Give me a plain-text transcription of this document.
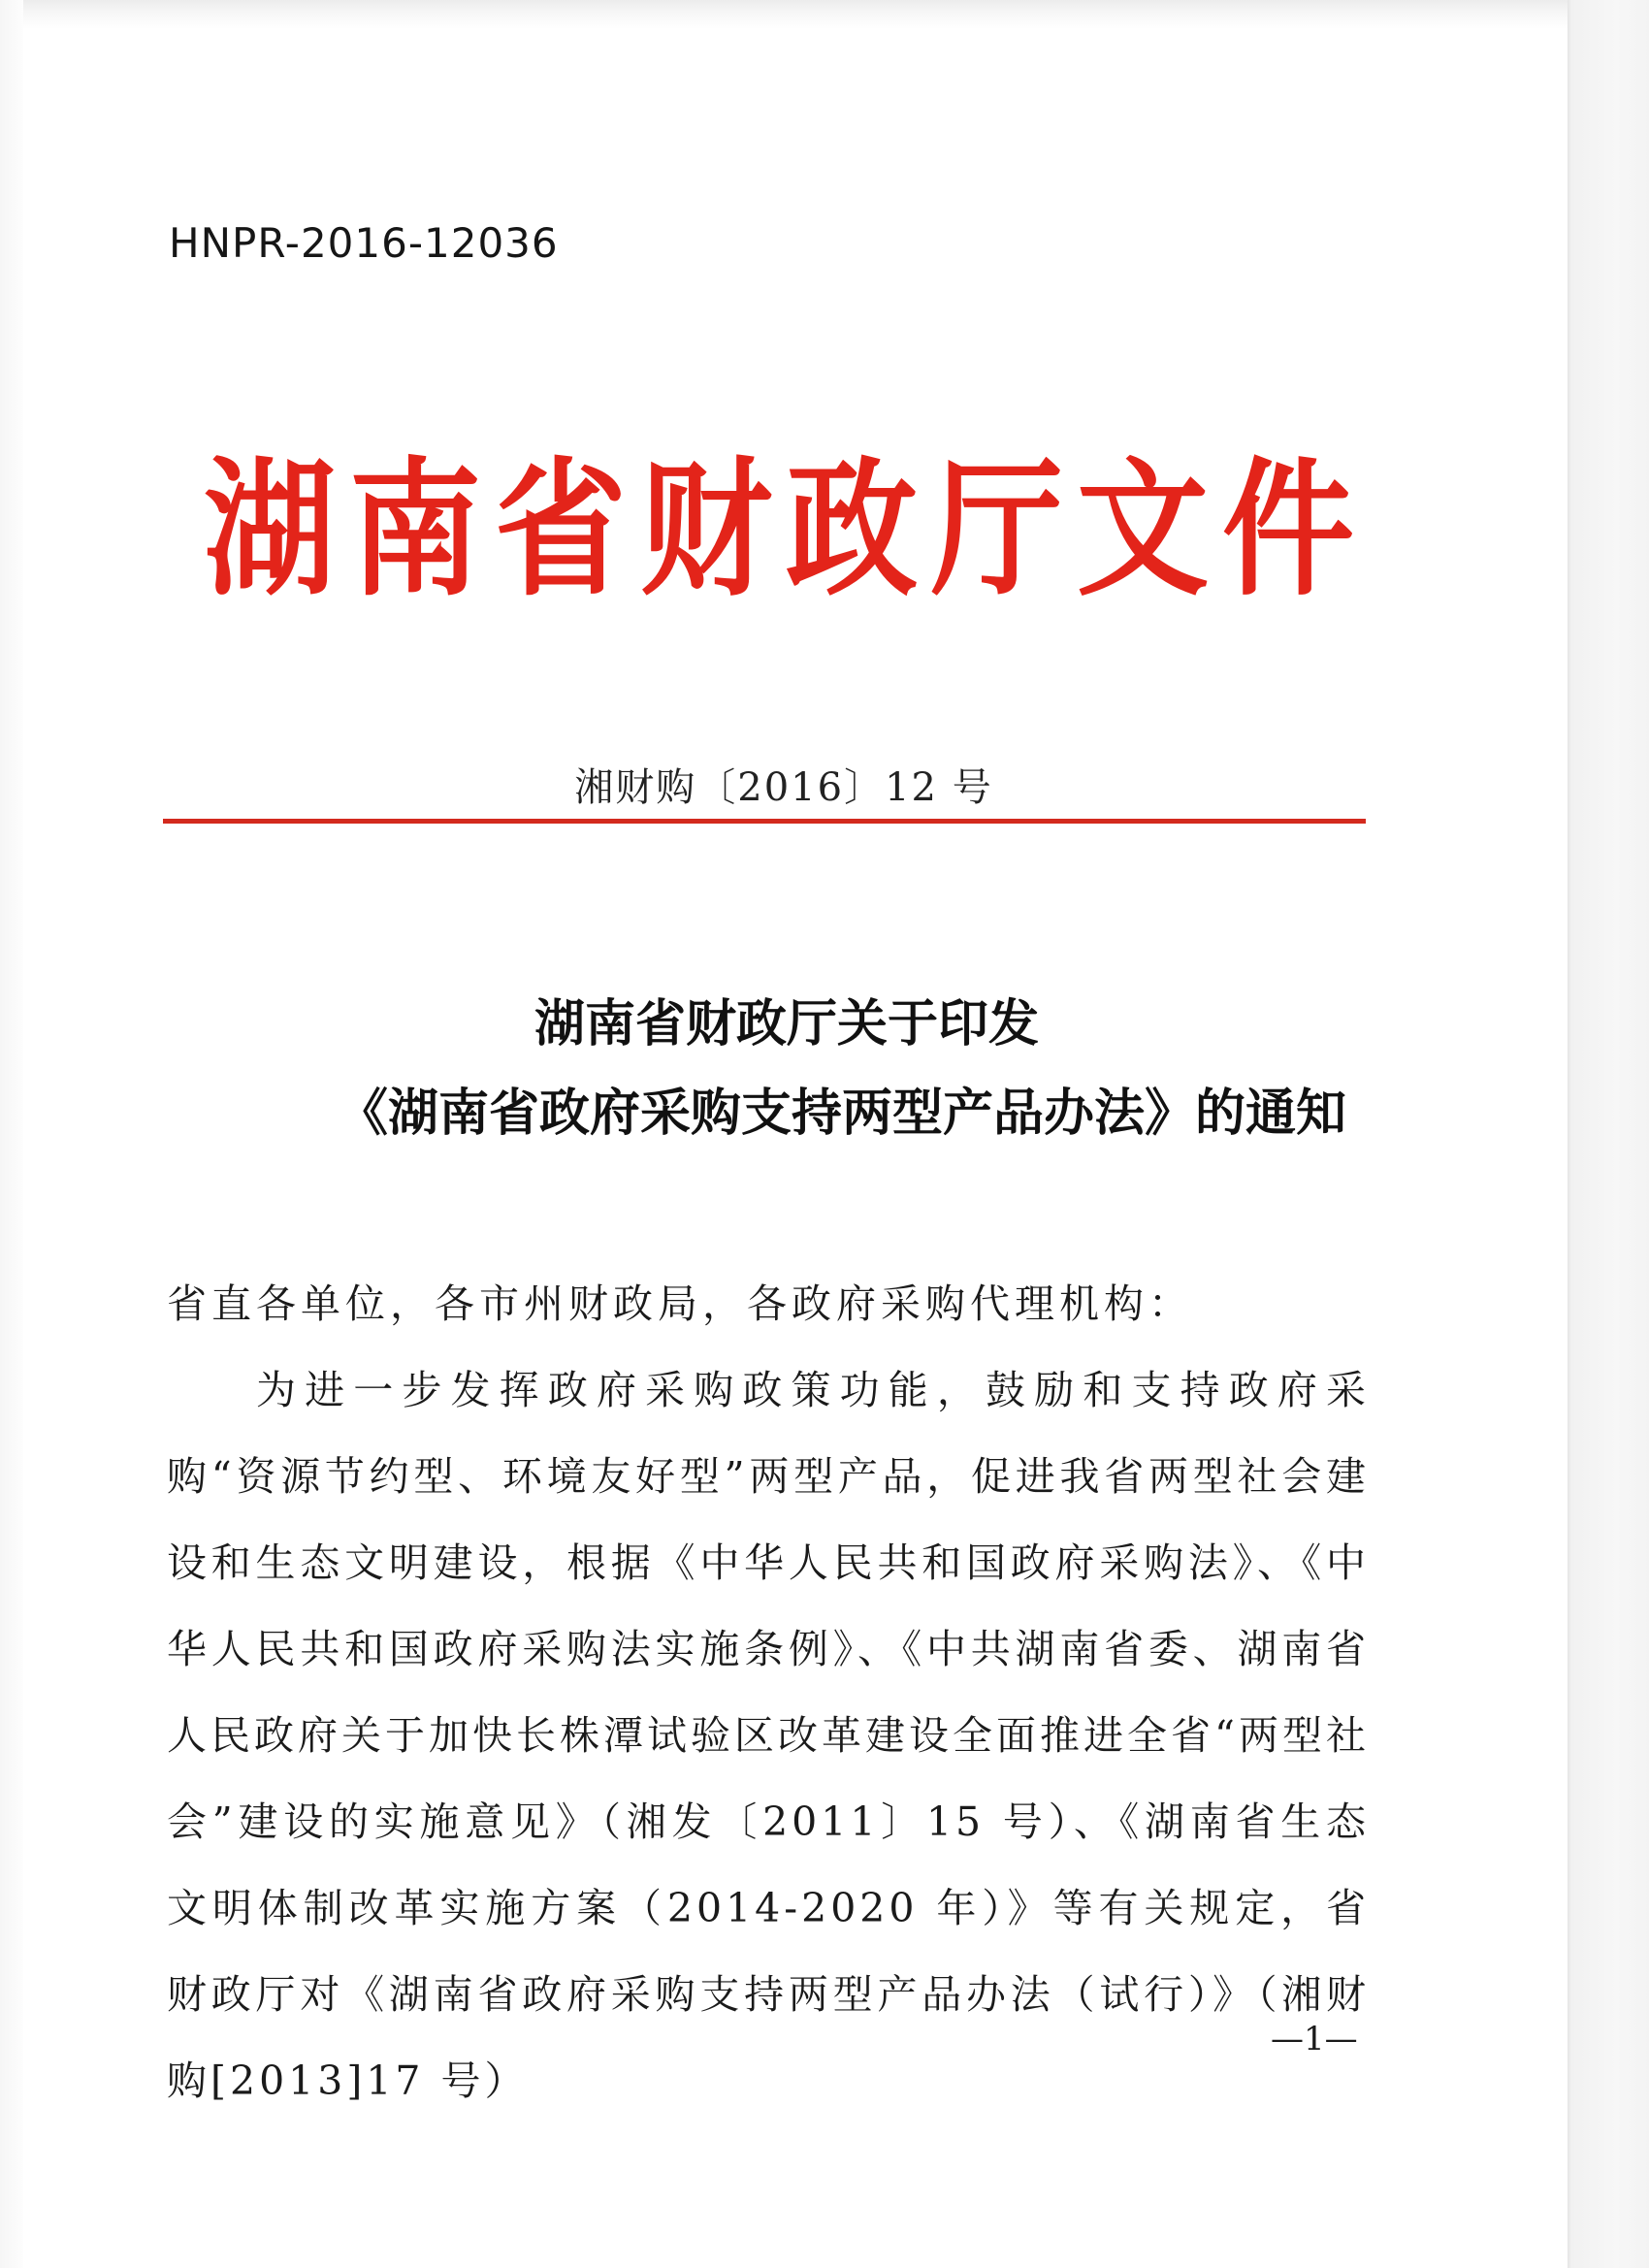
HNPR-2016-12036
湖南省财政厅文件
湘财购〔2016〕12 号
湖南省财政厅关于印发
《湖南省政府采购支持两型产品办法》的通知

省直各单位，各市州财政局，各政府采购代理机构：

为进一步发挥政府采购政策功能，鼓励和支持政府采购“资源节约型、环境友好型”两型产品，促进我省两型社会建设和生态文明建设，根据《中华人民共和国政府采购法》、《中华人民共和国政府采购法实施条例》、《中共湖南省委、湖南省人民政府关于加快长株潭试验区改革建设全面推进全省“两型社会”建设的实施意见》（湘发〔2011〕15 号）、《湖南省生态文明体制改革实施方案（2014-2020 年）》等有关规定，省财政厅对《湖南省政府采购支持两型产品办法（试行）》（湘财购[2013]17 号）

—1—
